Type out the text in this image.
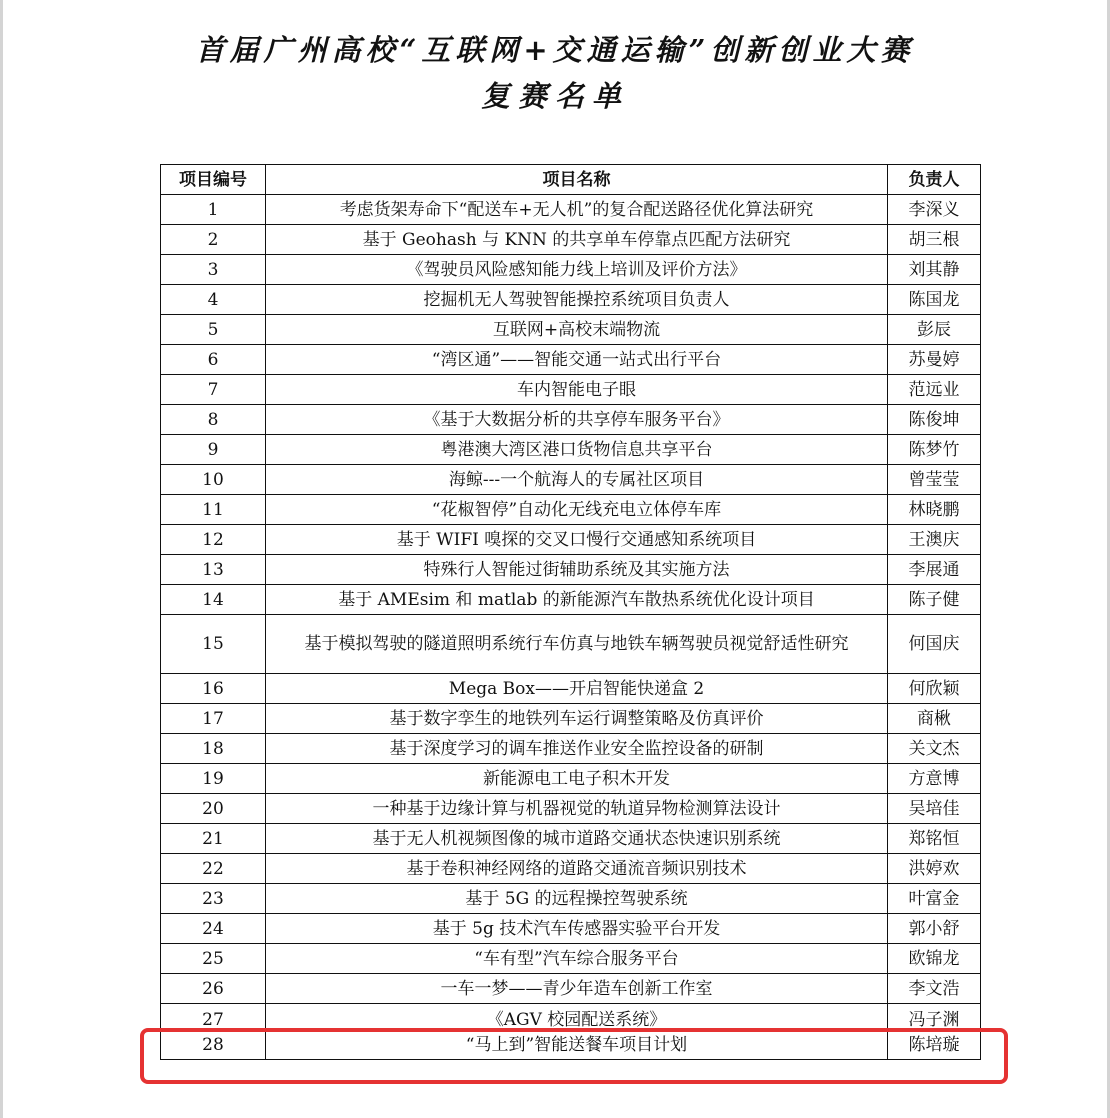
首届广州高校“互联网+交通运输”创新创业大赛
复赛名单
项目编号	项目名称	负责人
1	考虑货架寿命下“配送车+无人机”的复合配送路径优化算法研究	李深义
2	基于 Geohash 与 KNN 的共享单车停靠点匹配方法研究	胡三根
3	《驾驶员风险感知能力线上培训及评价方法》	刘其静
4	挖掘机无人驾驶智能操控系统项目负责人	陈国龙
5	互联网+高校末端物流	彭辰
6	“湾区通”——智能交通一站式出行平台	苏曼婷
7	车内智能电子眼	范远业
8	《基于大数据分析的共享停车服务平台》	陈俊坤
9	粤港澳大湾区港口货物信息共享平台	陈梦竹
10	海鲸---一个航海人的专属社区项目	曾莹莹
11	“花椒智停”自动化无线充电立体停车库	林晓鹏
12	基于 WIFI 嗅探的交叉口慢行交通感知系统项目	王澳庆
13	特殊行人智能过街辅助系统及其实施方法	李展通
14	基于 AMEsim 和 matlab 的新能源汽车散热系统优化设计项目	陈子健
15	基于模拟驾驶的隧道照明系统行车仿真与地铁车辆驾驶员视觉舒适性研究	何国庆
16	Mega Box——开启智能快递盒 2	何欣颖
17	基于数字孪生的地铁列车运行调整策略及仿真评价	商楸
18	基于深度学习的调车推送作业安全监控设备的研制	关文杰
19	新能源电工电子积木开发	方意博
20	一种基于边缘计算与机器视觉的轨道异物检测算法设计	吴培佳
21	基于无人机视频图像的城市道路交通状态快速识别系统	郑铭恒
22	基于卷积神经网络的道路交通流音频识别技术	洪婷欢
23	基于 5G 的远程操控驾驶系统	叶富金
24	基于 5g 技术汽车传感器实验平台开发	郭小舒
25	“车有型”汽车综合服务平台	欧锦龙
26	一车一梦——青少年造车创新工作室	李文浩
27	《AGV 校园配送系统》	冯子渊
28	“马上到”智能送餐车项目计划	陈培璇
